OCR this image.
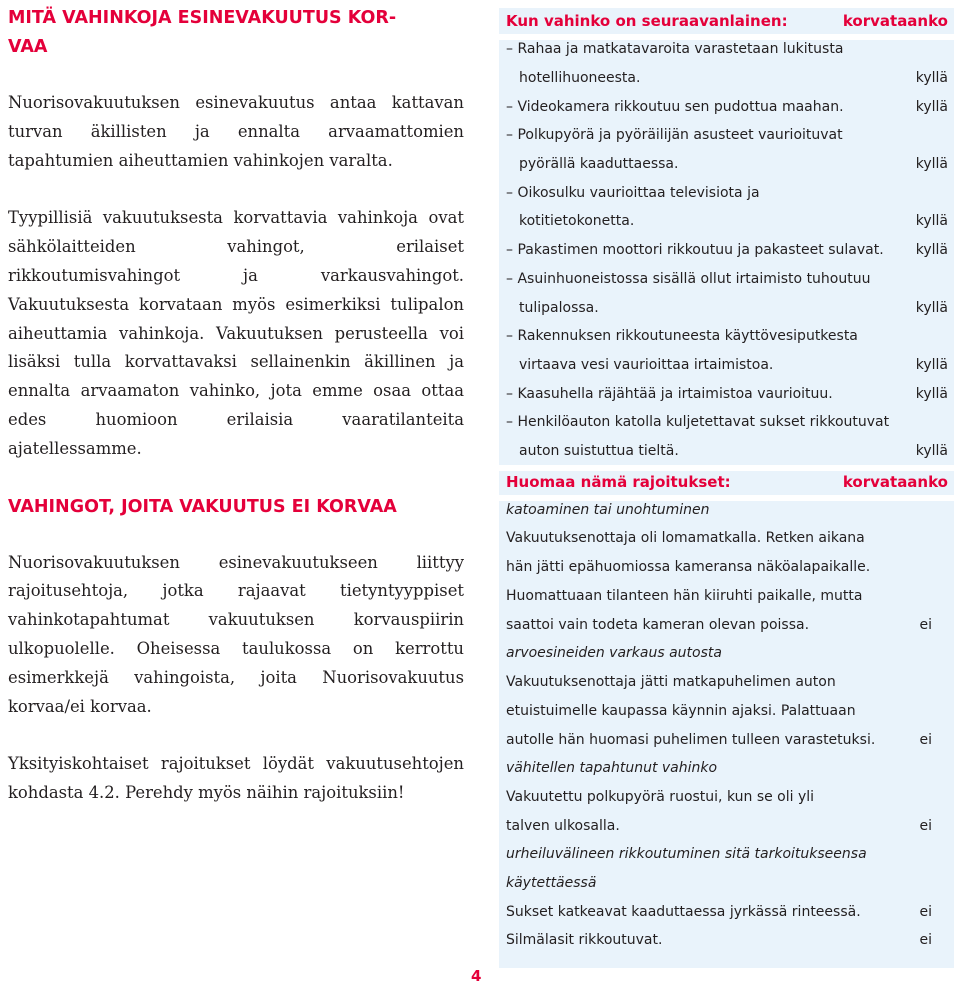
MITÄ VAHINKOJA ESINEVAKUUTUS KOR-
VAA

Nuorisovakuutuksen esinevakuutus antaa kattavan turvan äkillisten ja ennalta arvaamattomien tapahtumien aiheuttamien vahinkojen varalta.

Tyypillisiä vakuutuksesta korvattavia vahinkoja ovat sähkölaitteiden vahingot, erilaiset rikkoutumisvahingot ja varkausvahingot. Vakuutuksesta korvataan myös esimerkiksi tulipalon aiheuttamia vahinkoja. Vakuutuksen perusteella voi lisäksi tulla korvattavaksi sellainenkin äkillinen ja ennalta arvaamaton vahinko, jota emme osaa ottaa edes huomioon erilaisia vaaratilanteita ajatellessamme.

VAHINGOT, JOITA VAKUUTUS EI KORVAA

Nuorisovakuutuksen esinevakuutukseen liittyy rajoitusehtoja, jotka rajaavat tietyntyyppiset vahinkotapahtumat vakuutuksen korvauspiirin ulkopuolelle. Oheisessa taulukossa on kerrottu esimerkkejä vahingoista, joita Nuorisovakuutus korvaa/ei korvaa.

Yksityiskohtaiset rajoitukset löydät vakuutusehtojen kohdasta 4.2. Perehdy myös näihin rajoituksiin!

Kun vahinko on seuraavanlainen:	korvataanko
– Rahaa ja matkatavaroita varastetaan lukitusta
hotellihuoneesta.	kyllä
– Videokamera rikkoutuu sen pudottua maahan.	kyllä
– Polkupyörä ja pyöräilijän asusteet vaurioituvat
pyörällä kaaduttaessa.	kyllä
– Oikosulku vaurioittaa televisiota ja
kotitietokonetta.	kyllä
– Pakastimen moottori rikkoutuu ja pakasteet sulavat. kyllä
– Asuinhuoneistossa sisällä ollut irtaimisto tuhoutuu
tulipalossa.	kyllä
– Rakennuksen rikkoutuneesta käyttövesiputkesta
virtaava vesi vaurioittaa irtaimistoa.	kyllä
– Kaasuhella räjähtää ja irtaimistoa vaurioituu.	kyllä
– Henkilöauton katolla kuljetettavat sukset rikkoutuvat
auton suistuttua tieltä.	kyllä
Huomaa nämä rajoitukset:	korvataanko
katoaminen tai unohtuminen
Vakuutuksenottaja oli lomamatkalla. Retken aikana
hän jätti epähuomiossa kameransa näköalapaikalle.
Huomattuaan tilanteen hän kiiruhti paikalle, mutta
saattoi vain todeta kameran olevan poissa.	ei
arvoesineiden varkaus autosta
Vakuutuksenottaja jätti matkapuhelimen auton
etuistuimelle kaupassa käynnin ajaksi. Palattuaan
autolle hän huomasi puhelimen tulleen varastetuksi.	ei
vähitellen tapahtunut vahinko
Vakuutettu polkupyörä ruostui, kun se oli yli
talven ulkosalla.	ei
urheiluvälineen rikkoutuminen sitä tarkoitukseensa
käytettäessä
Sukset katkeavat kaaduttaessa jyrkässä rinteessä.	ei
Silmälasit rikkoutuvat.	ei
4
